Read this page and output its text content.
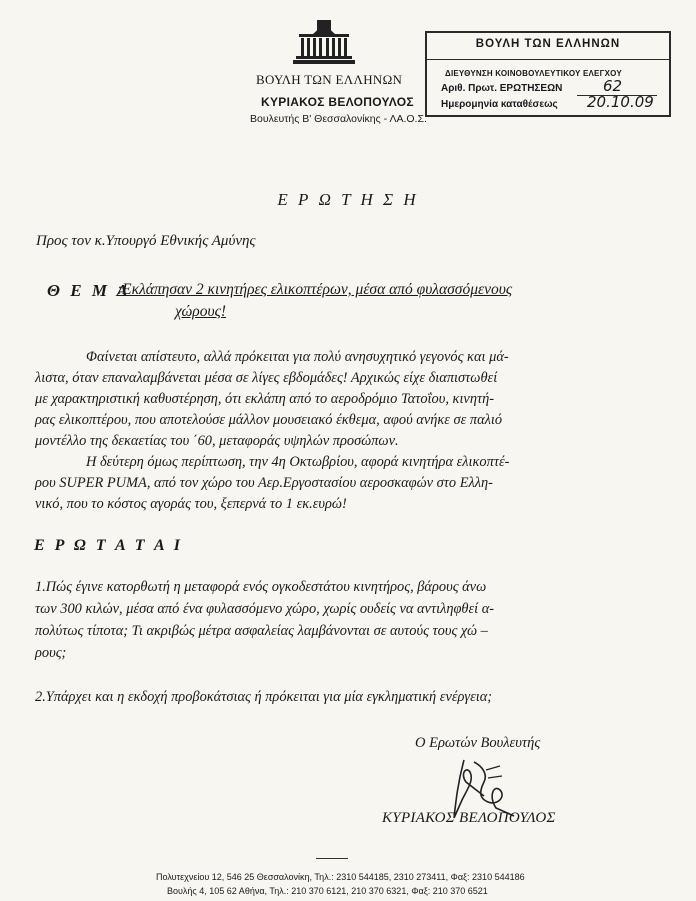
ΒΟΥΛΗ ΤΩΝ ΕΛΛΗΝΩΝ
ΚΥΡΙΑΚΟΣ ΒΕΛΟΠΟΥΛΟΣ
Βουλευτής Β' Θεσσαλονίκης - ΛΑ.Ο.Σ.
ΒΟΥΛΗ ΤΩΝ ΕΛΛΗΝΩΝ
ΔΙΕΥΘΥΝΣΗ ΚΟΙΝΟΒΟΥΛΕΥΤΙΚΟΥ ΕΛΕΓΧΟΥ
Αριθ. Πρωτ. ΕΡΩΤΗΣΕΩΝ	62
Ημερομηνία καταθέσεως 20.10.09
Ε Ρ Ω Τ Η Σ Η
Προς τον κ.Υπουργό Εθνικής Αμύνης
Θ Ε Μ Α
:Εκλάπησαν 2 κινητήρες ελικοπτέρων, μέσα από φυλασσόμενους
χώρους!
Φαίνεται απίστευτο, αλλά πρόκειται για πολύ ανησυχητικό γεγονός και μά-
λιστα, όταν επαναλαμβάνεται μέσα σε λίγες εβδομάδες! Αρχικώς είχε διαπιστωθεί
με χαρακτηριστική καθυστέρηση, ότι εκλάπη από το αεροδρόμιο Τατοΐου, κινητή-
ρας ελικοπτέρου, που αποτελούσε μάλλον μουσειακό έκθεμα, αφού ανήκε σε παλιό
μοντέλλο της δεκαετίας του ΄60, μεταφοράς υψηλών προσώπων.
Η δεύτερη όμως περίπτωση, την 4η Οκτωβρίου, αφορά κινητήρα ελικοπτέ-
ρου SUPER PUMA, από τον χώρο του Αερ.Εργοστασίου αεροσκαφών στο Ελλη-
νικό, που το κόστος αγοράς του, ξεπερνά το 1 εκ.ευρώ!
Ε Ρ Ω Τ Α Τ Α Ι
1.Πώς έγινε κατορθωτή η μεταφορά ενός ογκοδεστάτου κινητήρος, βάρους άνω
των 300 κιλών, μέσα από ένα φυλασσόμενο χώρο, χωρίς ουδείς να αντιληφθεί α-
πολύτως τίποτα; Τι ακριβώς μέτρα ασφαλείας λαμβάνονται σε αυτούς τους χώ –
ρους;
2.Υπάρχει και η εκδοχή προβοκάτσιας ή πρόκειται για μία εγκληματική ενέργεια;
Ο Ερωτών Βουλευτής
ΚΥΡΙΑΚΟΣ ΒΕΛΟΠΟΥΛΟΣ
Πολυτεχνείου 12, 546 25 Θεσσαλονίκη, Τηλ.: 2310 544185, 2310 273411, Φαξ: 2310 544186
Βουλής 4, 105 62 Αθήνα, Τηλ.: 210 370 6121, 210 370 6321, Φαξ: 210 370 6521
